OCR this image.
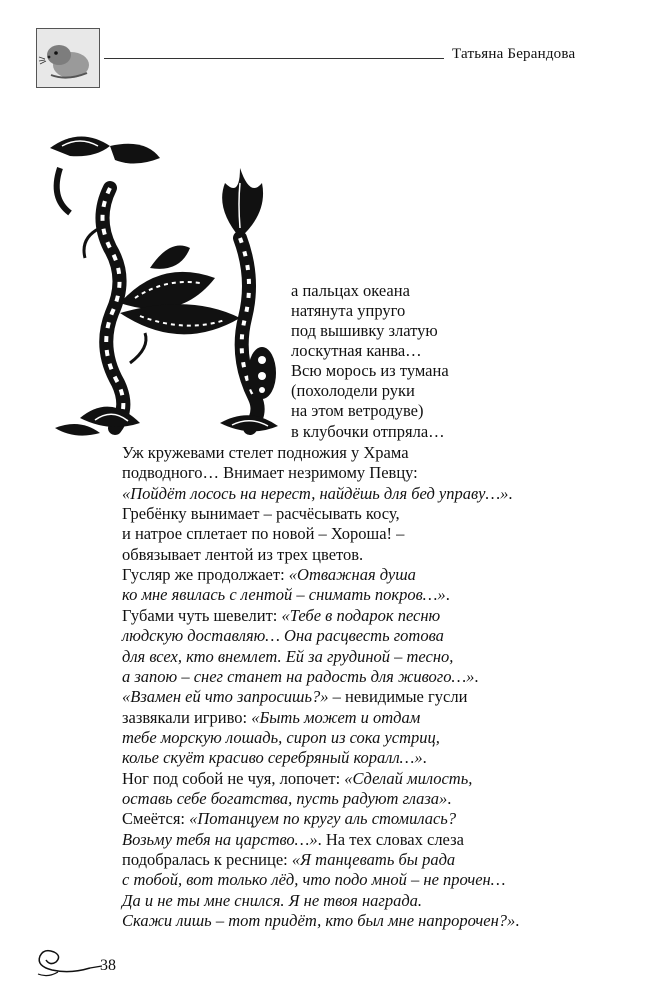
Татьяна Берандова
а пальцах океана
натянута упруго
под вышивку златую
лоскутная канва…
Всю морось из тумана
(похолодели руки
на этом ветродуве)
в клубочки отпряла…
Уж кружевами стелет подножия у Храма
подводного… Внимает незримому Певцу:
«Пойдёт лосось на нерест, найдёшь для бед управу…».
Гребёнку вынимает – расчёсывать косу,
и натрое сплетает по новой – Хороша! –
обвязывает лентой из трех цветов.
Гусляр же продолжает: «Отважная душа
ко мне явилась с лентой – снимать покров…».
Губами чуть шевелит: «Тебе в подарок песню
людскую доставляю… Она расцвесть готова
для всех, кто внемлет. Ей за грудиной – тесно,
а запою – снег станет на радость для живого…».
«Взамен ей что запросишь?» – невидимые гусли
зазвякали игриво: «Быть может и отдам
тебе морскую лошадь, сироп из сока устриц,
колье скуёт красиво серебряный коралл…».
Ног под собой не чуя, лопочет: «Сделай милость,
оставь себе богатства, пусть радуют глаза».
Смеётся: «Потанцуем по кругу аль стомилась?
Возьму тебя на царство…». На тех словах слеза
подобралась к реснице: «Я танцевать бы рада
с тобой, вот только лёд, что подо мной – не прочен…
Да и не ты мне снился. Я не твоя награда.
Скажи лишь – тот придёт, кто был мне напророчен?».
38
